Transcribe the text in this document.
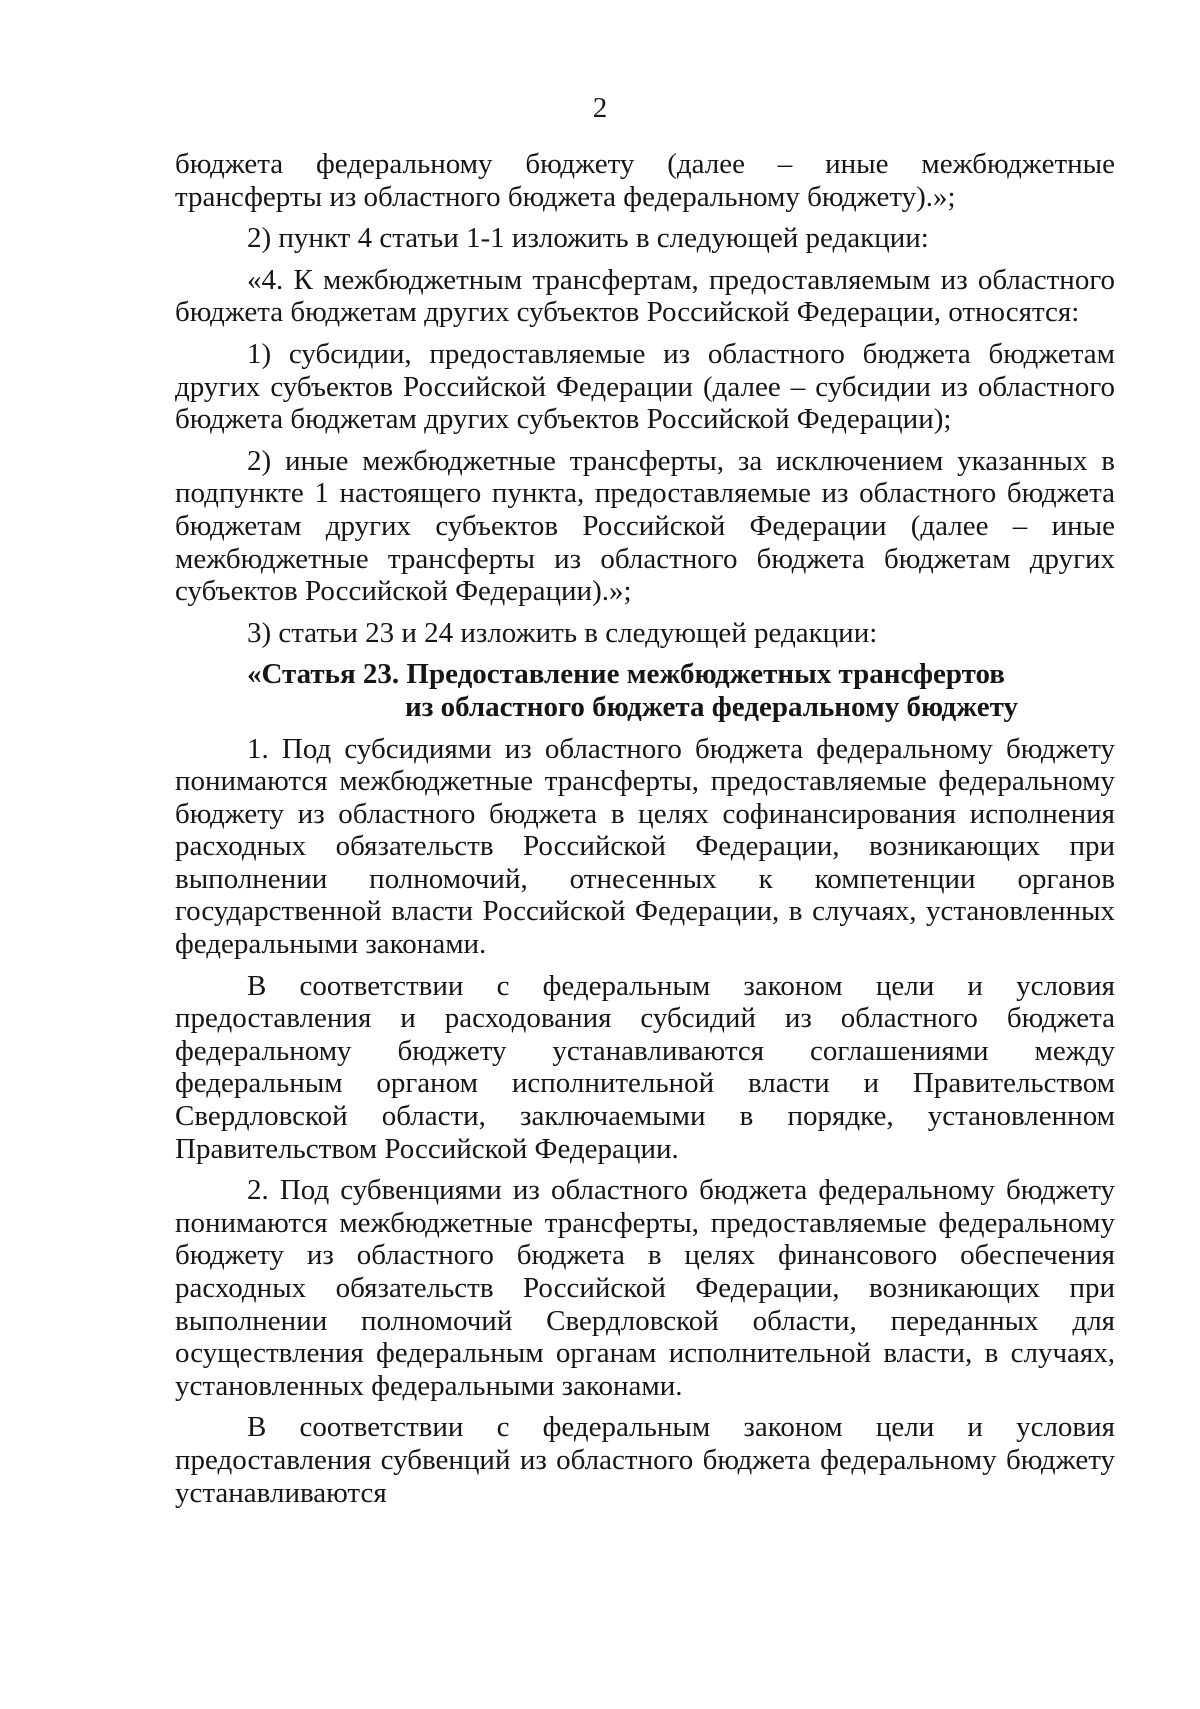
2

бюджета федеральному бюджету (далее – иные межбюджетные трансферты из областного бюджета федеральному бюджету).»;

2) пункт 4 статьи 1-1 изложить в следующей редакции:

«4. К межбюджетным трансфертам, предоставляемым из областного бюджета бюджетам других субъектов Российской Федерации, относятся:

1) субсидии, предоставляемые из областного бюджета бюджетам других субъектов Российской Федерации (далее – субсидии из областного бюджета бюджетам других субъектов Российской Федерации);

2) иные межбюджетные трансферты, за исключением указанных в подпункте 1 настоящего пункта, предоставляемые из областного бюджета бюджетам других субъектов Российской Федерации (далее – иные межбюджетные трансферты из областного бюджета бюджетам других субъектов Российской Федерации).»;

3) статьи 23 и 24 изложить в следующей редакции:

«Статья 23. Предоставление межбюджетных трансфертов
из областного бюджета федеральному бюджету

1. Под субсидиями из областного бюджета федеральному бюджету понимаются межбюджетные трансферты, предоставляемые федеральному бюджету из областного бюджета в целях софинансирования исполнения расходных обязательств Российской Федерации, возникающих при выполнении полномочий, отнесенных к компетенции органов государственной власти Российской Федерации, в случаях, установленных федеральными законами.

В соответствии с федеральным законом цели и условия предоставления и расходования субсидий из областного бюджета федеральному бюджету устанавливаются соглашениями между федеральным органом исполнительной власти и Правительством Свердловской области, заключаемыми в порядке, установленном Правительством Российской Федерации.

2. Под субвенциями из областного бюджета федеральному бюджету понимаются межбюджетные трансферты, предоставляемые федеральному бюджету из областного бюджета в целях финансового обеспечения расходных обязательств Российской Федерации, возникающих при выполнении полномочий Свердловской области, переданных для осуществления федеральным органам исполнительной власти, в случаях, установленных федеральными законами.

В соответствии с федеральным законом цели и условия предоставления субвенций из областного бюджета федеральному бюджету устанавливаются
